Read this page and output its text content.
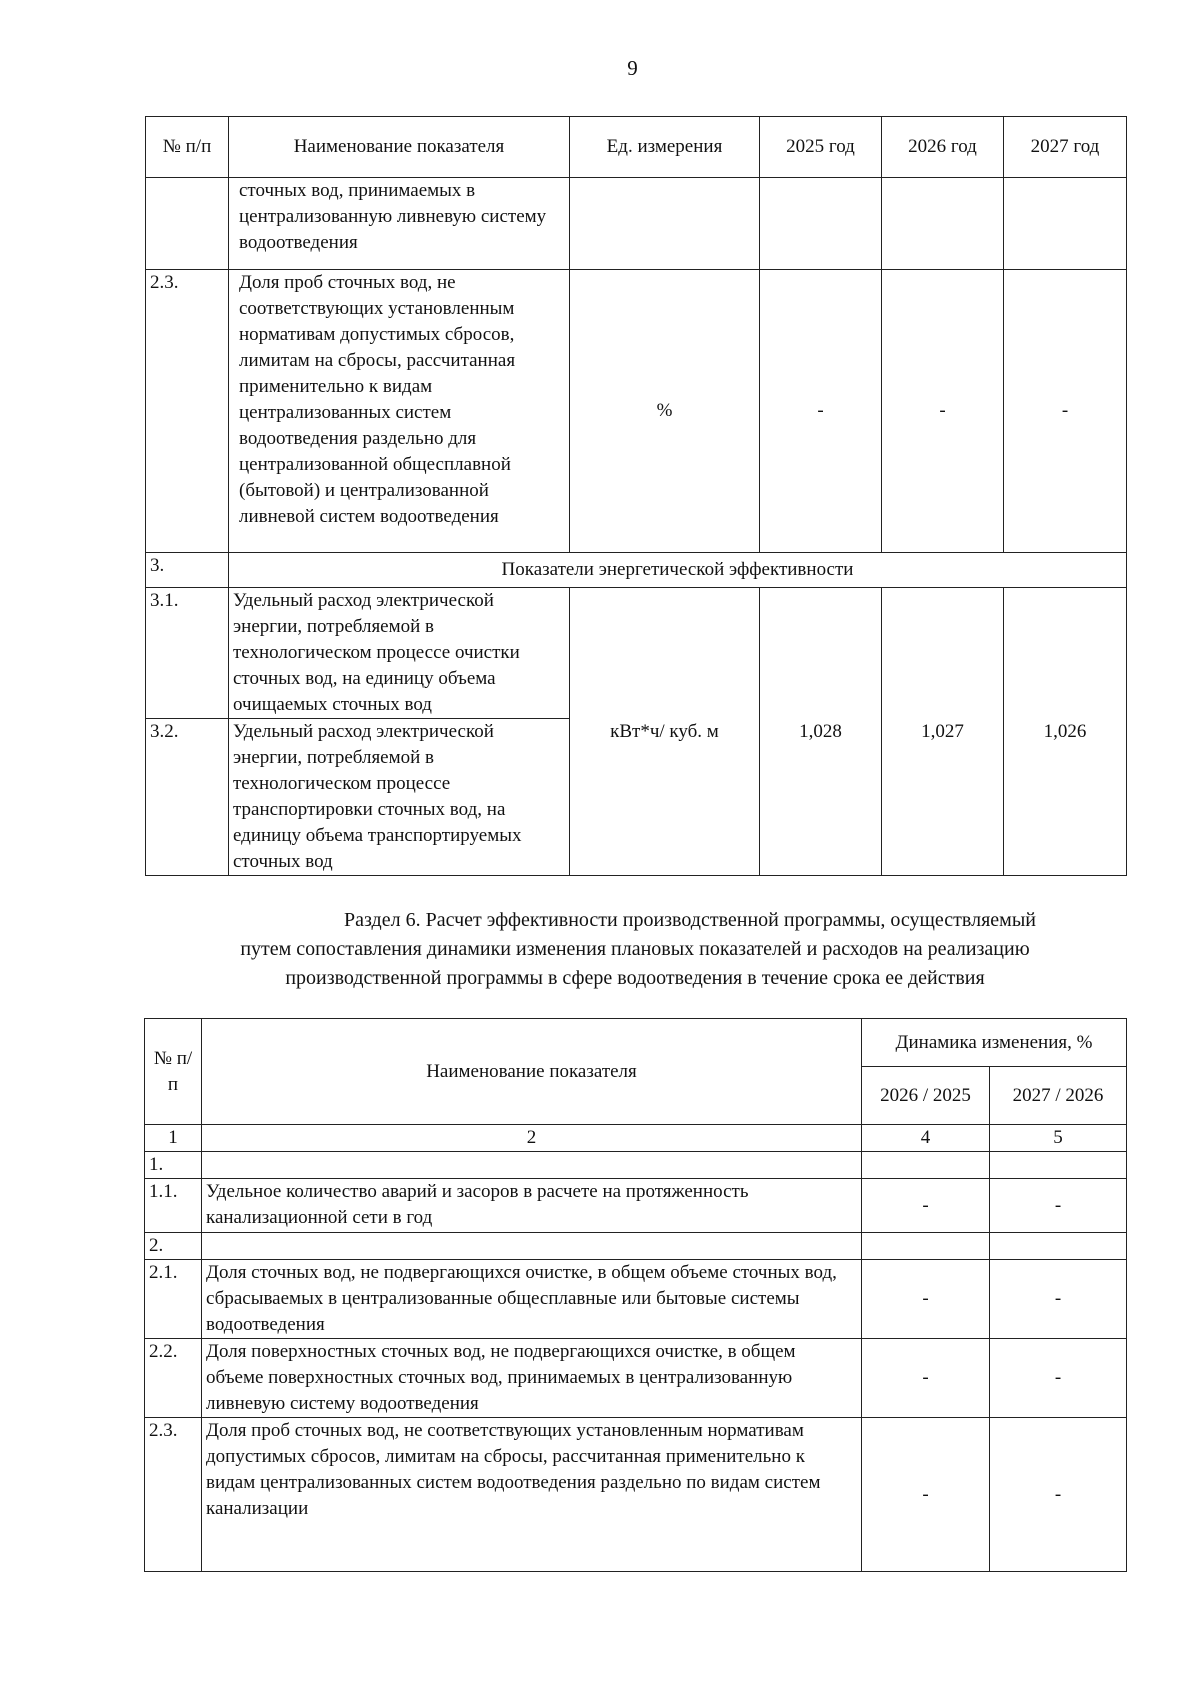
9
№ п/п	Наименование показателя	Ед. измерения	2025 год	2026 год	2027 год
	сточных вод, принимаемых в централизованную ливневую систему водоотведения				
2.3.	Доля проб сточных вод, не соответствующих установленным нормативам допустимых сбросов, лимитам на сбросы, рассчитанная применительно к видам централизованных систем водоотведения раздельно для централизованной общесплавной (бытовой) и централизованной ливневой систем водоотведения	%	-	-	-
3.	Показатели энергетической эффективности				
3.1.	Удельный расход электрической энергии, потребляемой в технологическом процессе очистки сточных вод, на единицу объема очищаемых сточных вод	кВт*ч/ куб. м	1,028	1,027	1,026
3.2.	Удельный расход электрической энергии, потребляемой в технологическом процессе транспортировки сточных вод, на единицу объема транспортируемых сточных вод				
Раздел 6. Расчет эффективности производственной программы, осуществляемый
путем сопоставления динамики изменения плановых показателей и расходов на реализацию
производственной программы в сфере водоотведения в течение срока ее действия
№ п/п	Наименование показателя	Динамика изменения, %	
		2026 / 2025	2027 / 2026
1	2	4	5
1.			
1.1.	Удельное количество аварий и засоров в расчете на протяженность канализационной сети в год	-	-
2.			
2.1.	Доля сточных вод, не подвергающихся очистке, в общем объеме сточных вод, сбрасываемых в централизованные общесплавные или бытовые системы водоотведения	-	-
2.2.	Доля поверхностных сточных вод, не подвергающихся очистке, в общем объеме поверхностных сточных вод, принимаемых в централизованную ливневую систему водоотведения	-	-
2.3.	Доля проб сточных вод, не соответствующих установленным нормативам допустимых сбросов, лимитам на сбросы, рассчитанная применительно к видам централизованных систем водоотведения раздельно по видам систем канализации	-	-
